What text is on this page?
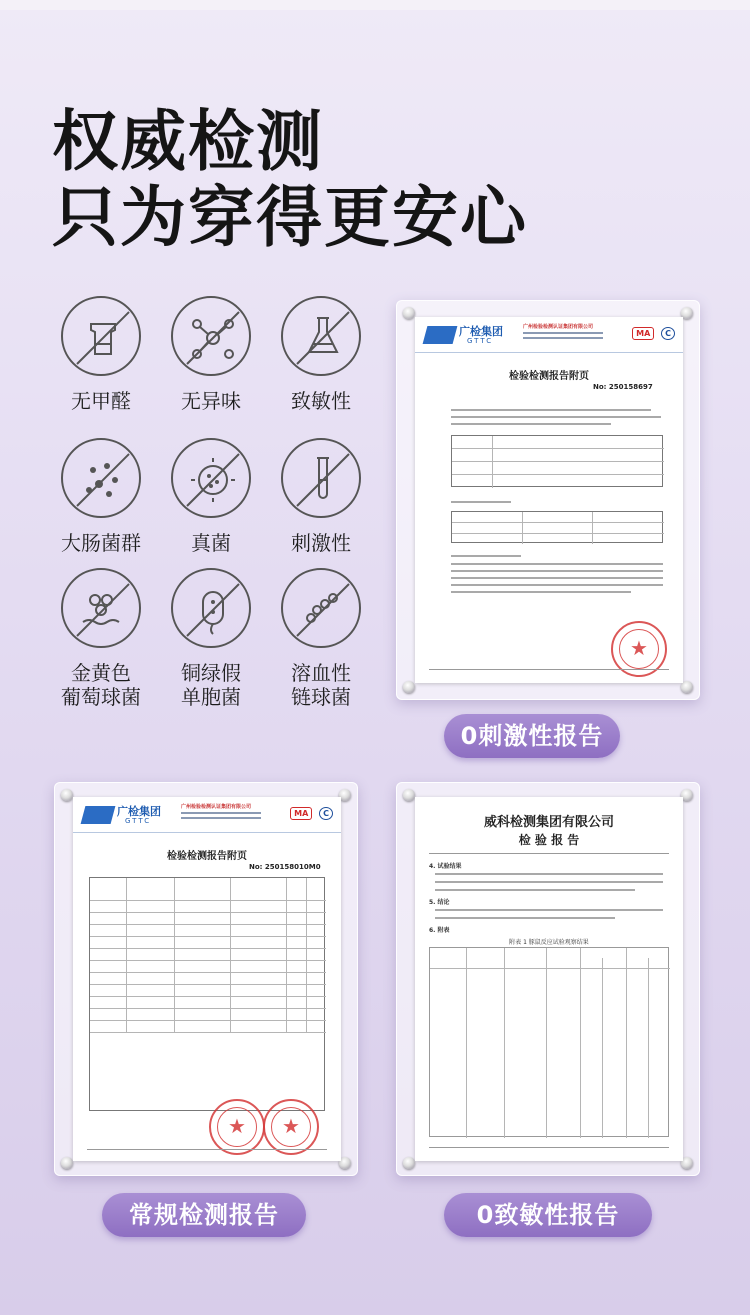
权威检测
只为穿得更安心
无甲醛	无异味	致敏性
大肠菌群	真菌	刺激性
金黄色
葡萄球菌
铜绿假
单胞菌
溶血性
链球菌
广检集团
GTTC
广州检验检测认证集团有限公司
MA C
检验检测报告附页
No: 250158697
★
0刺激性报告
广检集团
GTTC
广州检验检测认证集团有限公司
MA C
检验检测报告附页
No: 250158010M0
★ ★
常规检测报告
威科检测集团有限公司
检 验 报 告
4. 试验结果
5. 结论
6. 附表
附表 1 豚鼠反应试验观察结果
0致敏性报告
